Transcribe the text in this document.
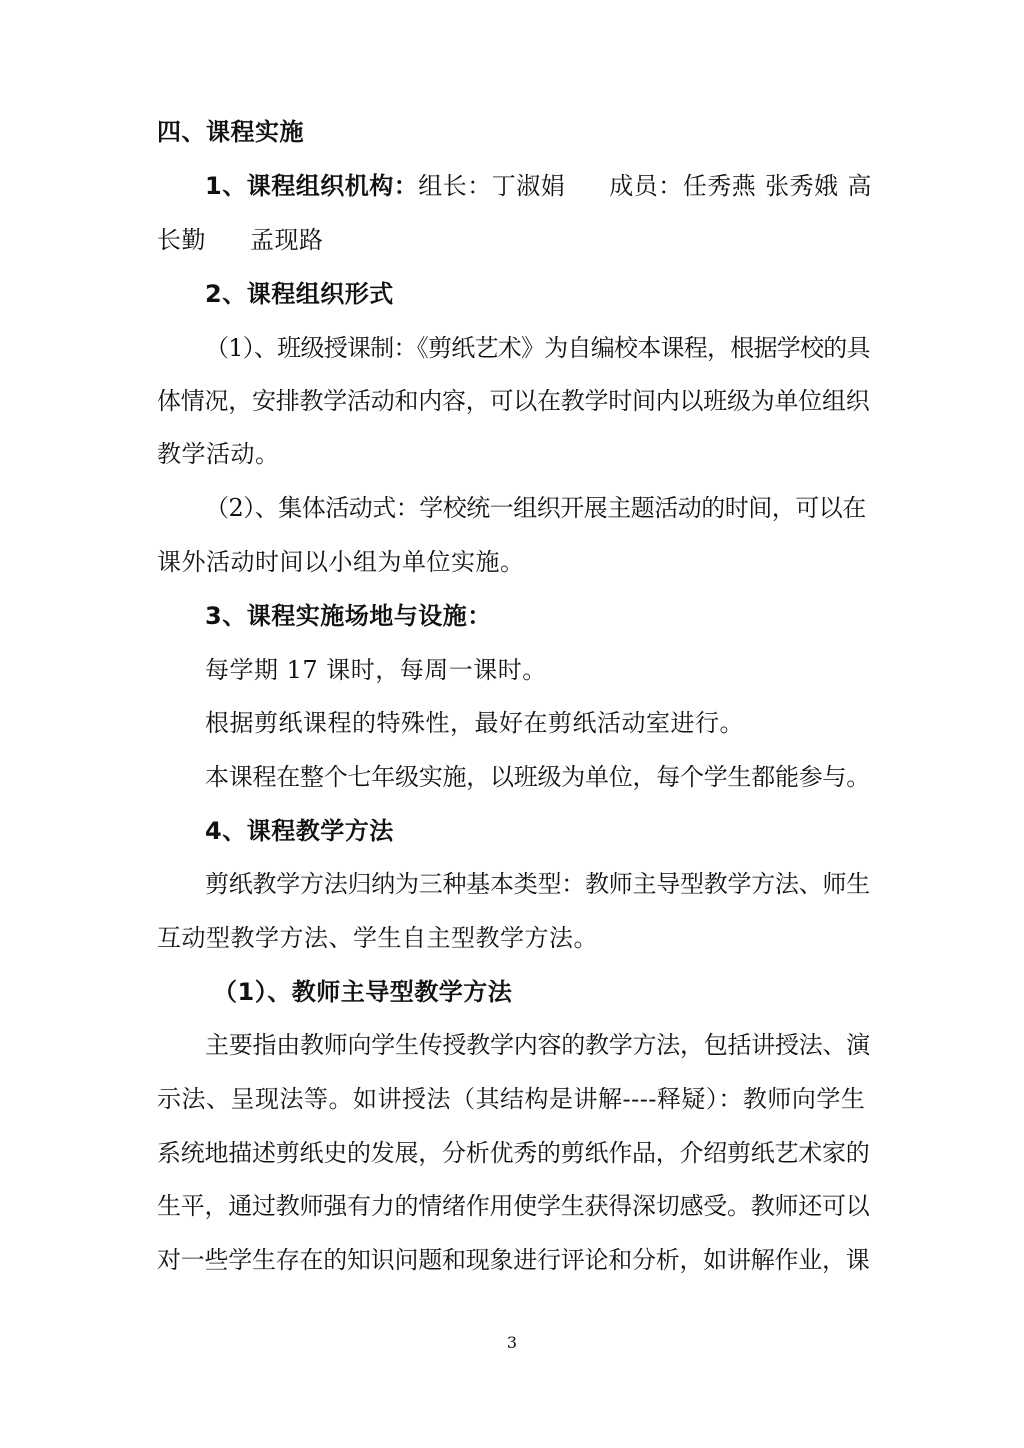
四、课程实施
1、课程组织机构：组长：丁淑娟 成员：任秀燕 张秀娥 高
长勤 孟现路
2、课程组织形式
（1）、班级授课制：《剪纸艺术》为自编校本课程，根据学校的具
体情况，安排教学活动和内容，可以在教学时间内以班级为单位组织
教学活动。
（2）、集体活动式：学校统一组织开展主题活动的时间，可以在
课外活动时间以小组为单位实施。
3、课程实施场地与设施：
每学期 17 课时，每周一课时。
根据剪纸课程的特殊性，最好在剪纸活动室进行。
本课程在整个七年级实施，以班级为单位，每个学生都能参与。
4、课程教学方法
剪纸教学方法归纳为三种基本类型：教师主导型教学方法、师生
互动型教学方法、学生自主型教学方法。
（1）、教师主导型教学方法
主要指由教师向学生传授教学内容的教学方法，包括讲授法、演
示法、呈现法等。如讲授法（其结构是讲解----释疑）：教师向学生
系统地描述剪纸史的发展，分析优秀的剪纸作品，介绍剪纸艺术家的
生平，通过教师强有力的情绪作用使学生获得深切感受。教师还可以
对一些学生存在的知识问题和现象进行评论和分析，如讲解作业，课
3
